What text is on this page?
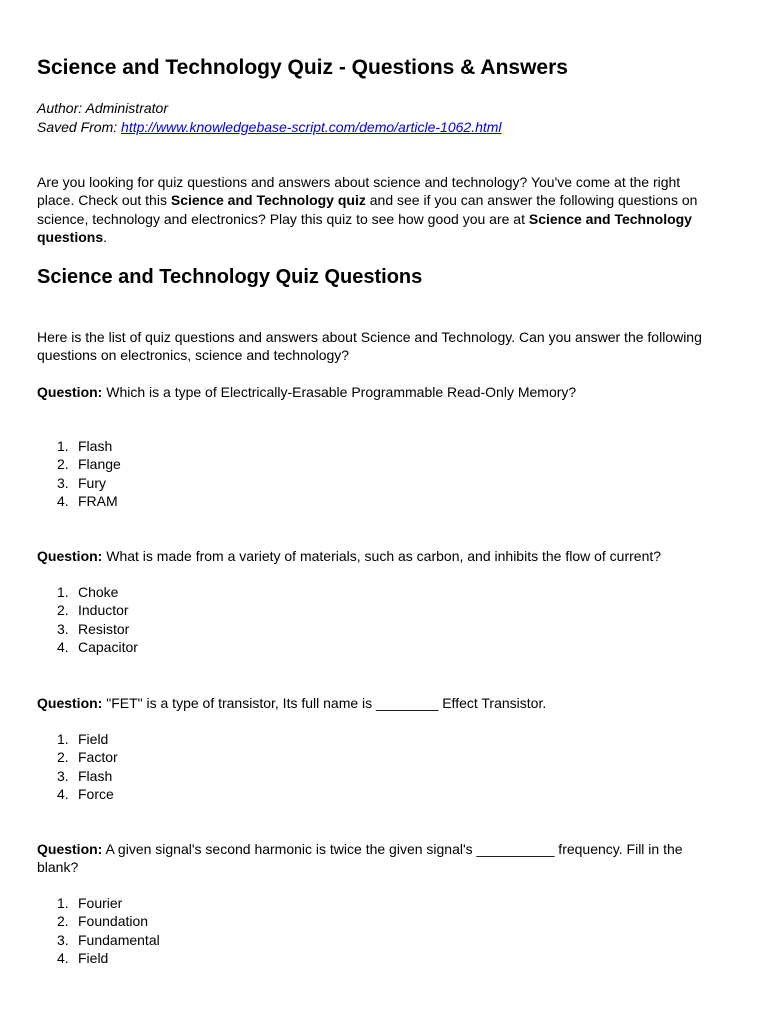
Science and Technology Quiz - Questions & Answers
Author: Administrator
Saved From: http://www.knowledgebase-script.com/demo/article-1062.html

Are you looking for quiz questions and answers about science and technology? You've come at the right place. Check out this Science and Technology quiz and see if you can answer the following questions on science, technology and electronics? Play this quiz to see how good you are at Science and Technology questions.

Science and Technology Quiz Questions

Here is the list of quiz questions and answers about Science and Technology. Can you answer the following questions on electronics, science and technology?

Question: Which is a type of Electrically-Erasable Programmable Read-Only Memory?

1. Flash
2. Flange
3. Fury
4. FRAM

Question: What is made from a variety of materials, such as carbon, and inhibits the flow of current?

1. Choke
2. Inductor
3. Resistor
4. Capacitor

Question: "FET" is a type of transistor, Its full name is ________ Effect Transistor.

1. Field
2. Factor
3. Flash
4. Force

Question: A given signal's second harmonic is twice the given signal's __________ frequency. Fill in the blank?

1. Fourier
2. Foundation
3. Fundamental
4. Field
